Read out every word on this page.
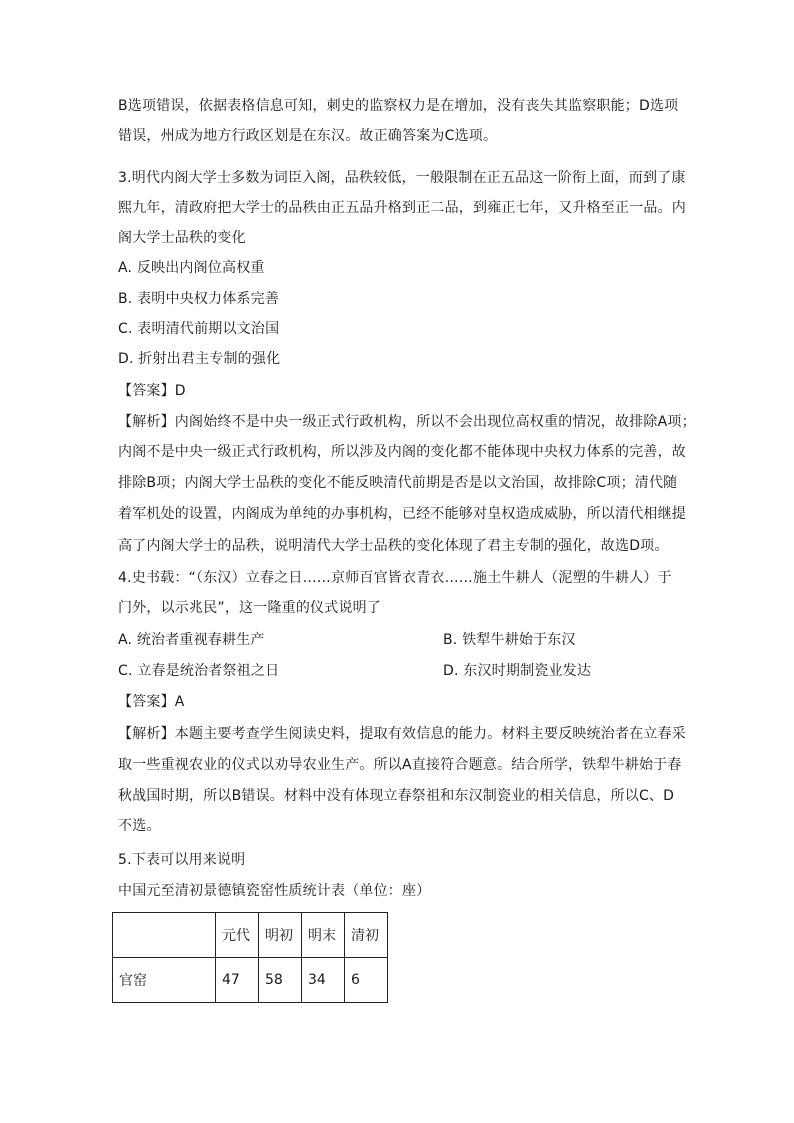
B选项错误，依据表格信息可知，刺史的监察权力是在增加，没有丧失其监察职能；D选项
错误，州成为地方行政区划是在东汉。故正确答案为C选项。
3.明代内阁大学士多数为词臣入阁，品秩较低，一般限制在正五品这一阶衔上面，而到了康
熙九年，清政府把大学士的品秩由正五品升格到正二品，到雍正七年，又升格至正一品。内
阁大学士品秩的变化
A. 反映出内阁位高权重
B. 表明中央权力体系完善
C. 表明清代前期以文治国
D. 折射出君主专制的强化
【答案】D
【解析】内阁始终不是中央一级正式行政机构，所以不会出现位高权重的情况，故排除A项；
内阁不是中央一级正式行政机构，所以涉及内阁的变化都不能体现中央权力体系的完善，故
排除B项；内阁大学士品秩的变化不能反映清代前期是否是以文治国，故排除C项；清代随
着军机处的设置，内阁成为单纯的办事机构，已经不能够对皇权造成威胁，所以清代相继提
高了内阁大学士的品秩，说明清代大学士品秩的变化体现了君主专制的强化，故选D项。
4.史书载：“（东汉）立春之日……京师百官皆衣青衣……施土牛耕人（泥塑的牛耕人）于
门外，以示兆民”，这一隆重的仪式说明了
A. 统治者重视春耕生产	B. 铁犁牛耕始于东汉
C. 立春是统治者祭祖之日	D. 东汉时期制瓷业发达
【答案】A
【解析】本题主要考查学生阅读史料，提取有效信息的能力。材料主要反映统治者在立春采
取一些重视农业的仪式以劝导农业生产。所以A直接符合题意。结合所学，铁犁牛耕始于春
秋战国时期，所以B错误。材料中没有体现立春祭祖和东汉制瓷业的相关信息，所以C、D
不选。
5.下表可以用来说明
中国元至清初景德镇瓷窑性质统计表（单位：座）
	元代	明初	明末	清初
官窑	47	58	34	6
